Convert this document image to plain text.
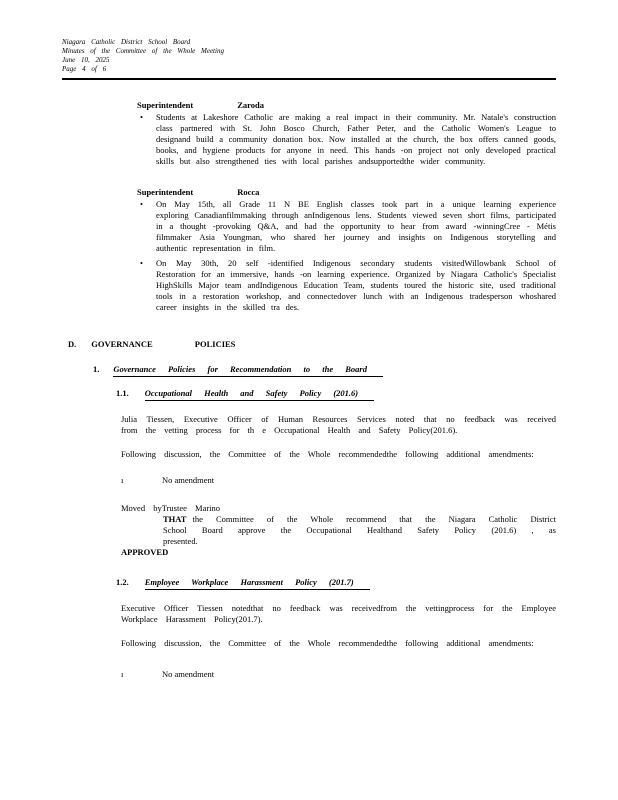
Niagara Catholic District School Board
Minutes of the Committee of the Whole Meeting
June 10, 2025
Page 4 of 6
Superintendent	Zaroda
•	Students at Lakeshore Catholic are making a real impact in their community. Mr. Natale's construction class partnered with St. John Bosco Church, Father Peter, and the Catholic Women's League to designand build a community donation box. Now installed at the church, the box offers canned goods, books, and hygiene products for anyone in need. This hands -on project not only developed practical skills but also strengthened ties with local parishes andsupportedthe wider community.
Superintendent	Rocca
•	On May 15th, all Grade 11 N BE English classes took part in a unique learning experience exploring Canadianfilmmaking through anIndigenous lens. Students viewed seven short films, participated in a thought -provoking Q&A, and had the opportunity to hear from award -winningCree - Métis filmmaker Asia Youngman, who shared her journey and insights on Indigenous storytelling and authentic representation in film.
•	On May 30th, 20 self -identified Indigenous secondary students visitedWillowbank School of Restoration for an immersive, hands -on learning experience. Organized by Niagara Catholic's Specialist HighSkills Major team andIndigenous Education Team, students toured the historic site, used traditional tools in a restoration workshop, and connectedover lunch with an Indigenous tradesperson whoshared career insights in the skilled tra des.
D. GOVERNANCE POLICIES
1. Governance Policies for Recommendation to the Board
1.1. Occupational Health and Safety Policy (201.6)

Julia Tiessen, Executive Officer of Human Resources Services noted that no feedback was received from the vetting process for th e Occupational Health and Safety Policy(201.6).

Following discussion, the Committee of the Whole recommendedthe following additional amendments:

ı	No amendment
Moved byTrustee Marino

THAT the Committee of the Whole recommend that the Niagara Catholic District School Board approve the Occupational Healthand Safety Policy (201.6) , as presented.

APPROVED
1.2. Employee Workplace Harassment Policy (201.7)

Executive Officer Tiessen notedthat no feedback was receivedfrom the vettingprocess for the Employee Workplace Harassment Policy(201.7).

Following discussion, the Committee of the Whole recommendedthe following additional amendments:

ı	No amendment
